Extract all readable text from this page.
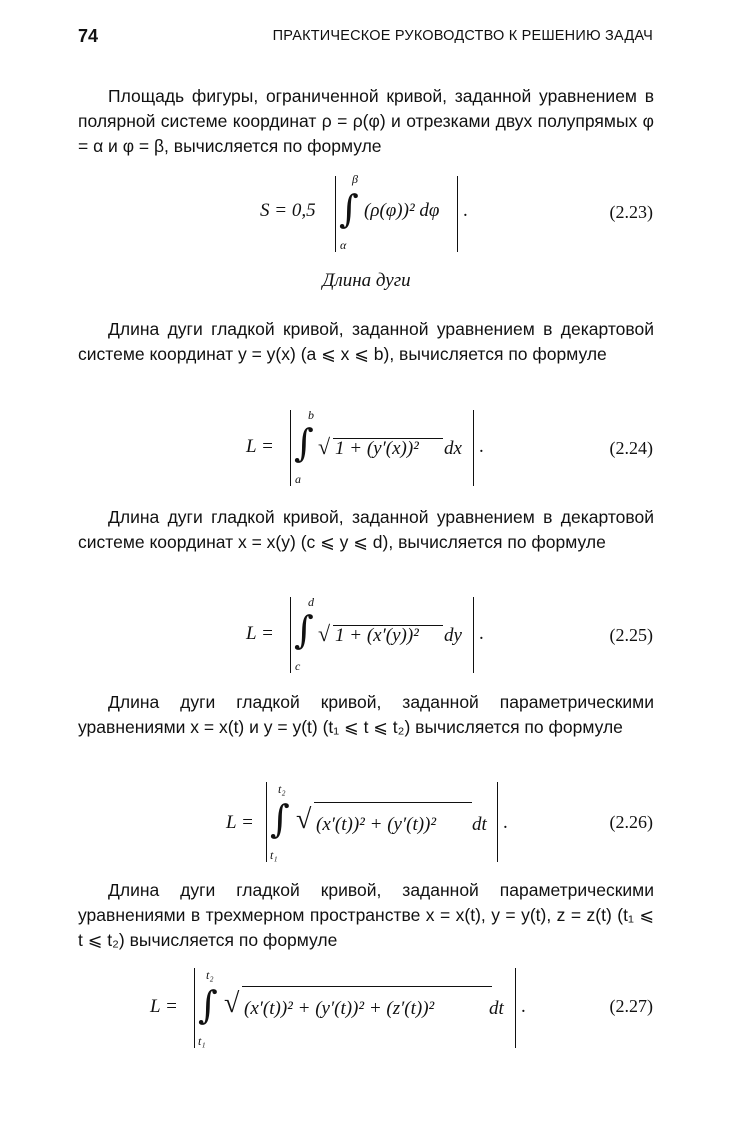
74	ПРАКТИЧЕСКОЕ РУКОВОДСТВО К РЕШЕНИЮ ЗАДАЧ

Площадь фигуры, ограниченной кривой, заданной уравнением в полярной системе координат ρ = ρ(φ) и отрезками двух полупрямых φ = α и φ = β, вычисляется по формуле

S = 0,5
β
∫
α
(ρ(φ))² dφ .	(2.23)
Длина дуги

Длина дуги гладкой кривой, заданной уравнением в декартовой системе координат y = y(x) (a ⩽ x ⩽ b), вычисляется по формуле

L =
b
∫
a
√ 1 + (y′(x))² dx .	(2.24)

Длина дуги гладкой кривой, заданной уравнением в декартовой системе координат x = x(y) (c ⩽ y ⩽ d), вычисляется по формуле

L =
d
∫
c
√ 1 + (x′(y))² dy .	(2.25)

Длина дуги гладкой кривой, заданной параметрическими уравнениями x = x(t) и y = y(t) (t₁ ⩽ t ⩽ t₂) вычисляется по формуле

L =
t₂
∫
t₁
√ (x′(t))² + (y′(t))² dt .	(2.26)

Длина дуги гладкой кривой, заданной параметрическими уравнениями в трехмерном пространстве x = x(t), y = y(t), z = z(t) (t₁ ⩽ t ⩽ t₂) вычисляется по формуле

L =
t₂
∫
t₁
√ (x′(t))² + (y′(t))² + (z′(t))²	dt .	(2.27)
